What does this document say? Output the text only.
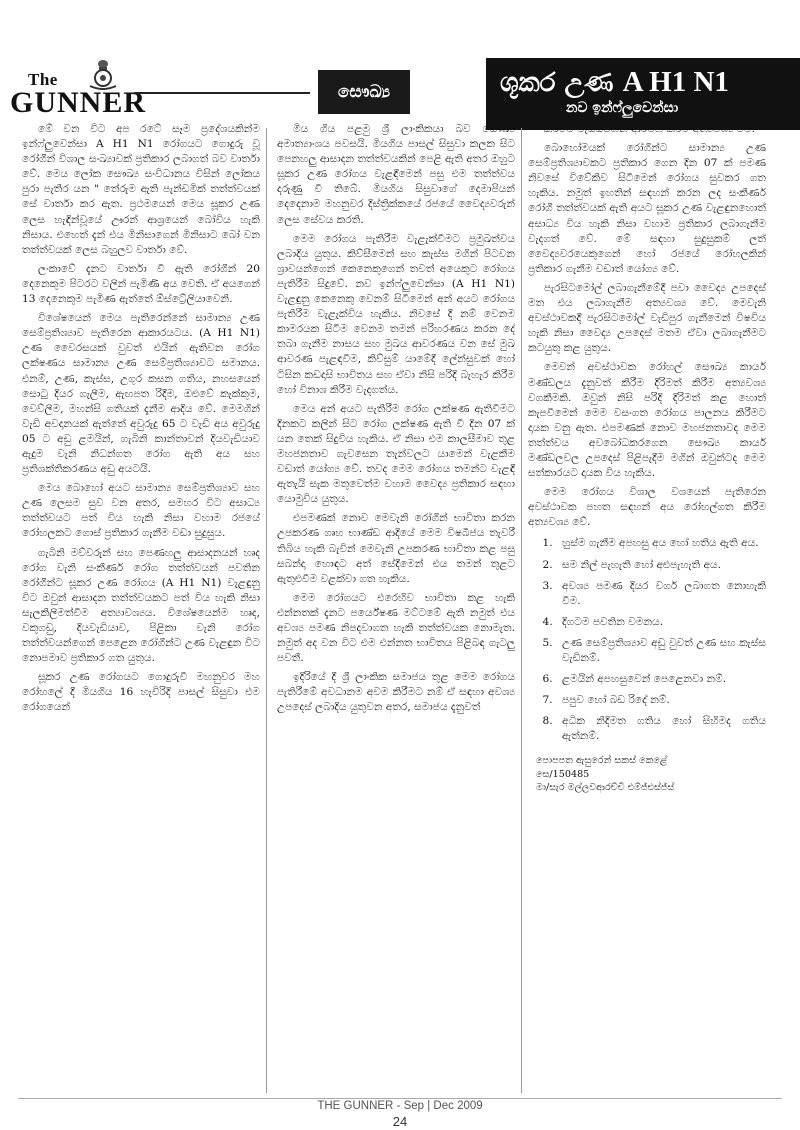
The
GUNNER	සෞඛ්‍ය	ශූකර උණ A H1 N1
නව ඉන්ෆ්ලුවෙන්සා

මේ වන විට අප රටේ සෑම ප්‍රදේශයකින්ම ඉන්ෆ්ලුවෙන්සා A H1 N1 රෝගයට ගොදුරු වූ රෝගීන් විශාල සංඛ්‍යාවක් ප්‍රතිකාර ලබාගත් බව වාර්තා වේ. මෙය ලෝක සෞඛ්‍ය සංවිධානය විසින් ලෝකය පුරා පැතිර යන " තේරුම ඇති පැන්ඩමික් තත්ත්වයක් සේ වාර්තා කර ඇත. ප්‍රථමයෙන් මෙය සූකර උණ ලෙස හැඳින්වූයේ ඌරන් ආශ්‍රයෙන් බෝවිය හැකි නිසාය. එහෙත් දැන් එය මිනිසාගෙන් මිනිසාට බෝ වන තත්ත්වයක් ලෙස බහුලව වාර්තා වේ.

ලංකාවේ දැනට වාර්තා වී ඇති රෝගීන් 20 දෙනෙකුම පිටරට වලින් පැමිණි අය වෙති. ඒ අයගෙන් 13 දෙනෙකුම පැමිණ ඇත්තේ ඕස්ට්‍රේලියාවෙනි.

විශේෂයෙන් මෙය පැතිරෙන්නේ සාමාන්‍ය උණ සෙම්ප්‍රතිශ්‍යාව පැතිරෙන ආකාරයටය. (A H1 N1) උණ වෛරසයක් වුවත් එයින් ඇතිවන රෝග ලක්ෂණය සාමාන්‍ය උණ සෙම්ප්‍රතිශ්‍යාවට සමානය. එනම්, උණ, කැස්ස, උගුර කසන ගතිය, නහසයෙන් සොටු දියර ගැලීම, ඇඟපත රිදීම, ඔළුවේ කැක්කුම, වෙව්ලීම, මහන්සි ගතියක් දැනීම ආදිය වේ. මෙමගින් වැඩි අවදානයක් ඇත්තේ අවුරුදු 65 ට වැඩි අය අවුරුදු 05 ට අඩු ළමයින්, ගැබිනි කාන්තාවන් දියවැඩියාව ඇදුම වැනි නිධන්ගත රෝග ඇති අය සහ ප්‍රතිශක්තිකරණය අඩු අයටයි.

මෙය බොහෝ අයට සාමාන්‍ය සෙම්ප්‍රතිශ්‍යාව සහ උණ ලෙසම සුව වන අතර, සමහර විට අසාධ්‍ය තත්ත්වයට පත් විය හැකි නිසා වහාම රජයේ රෝහලකට ගොස් ප්‍රතිකාර ගැනීම වඩා සුදුසුය.

ගැබිනි මව්වරුන් සහ පෙණහලු ආසාදනයන් හෘද රෝග වැනි සංකීර්ණ රෝග තත්ත්වයන් පවතින රෝගීන්ට සූකර උණ රෝගය (A H1 N1) වැළඳුනු විට ඔවුන් ආසාදන තත්ත්වයකට පත් විය හැකි නිසා සැලකිලිමත්වීම අත්‍යාවශ්‍යය. විශේෂයෙන්ම හෘද, වකුගඩු, දියවැඩියාව, පිළිකා වැනි රෝග තත්ත්වයන්ගෙන් පෙළෙන රෝගීන්ට උණ වැළඳුන විට නොපමාව ප්‍රතිකාර ගත යුතුය.

සූකර උණ රෝගයට ගොදුරුවී මහනුවර මහ රෝහලේ දී මියගිය 16 හැවිරිදි පාසල් සිසුවා එම රෝගයෙන්

මිය ගිය පළමු ශ්‍රී ලාංකිකයා බව සෞඛ්‍ය අමාත්‍යාංශය පවසයි. මියගිය පාසල් සිසුවා කලක සිට පෙනහලු ආසාදන තත්ත්වයකින් පෙළි ඇති අතර ඔහුට සූකර උණ රෝගය වැළඳීමෙන් පසු එම තත්ත්වය දරුණු වී තිබේ. මියගිය සිසුවාගේ දෙමාපියන් දෙදෙනාම මහනුවර දිස්ත්‍රික්කයේ රජයේ වෛද්‍යවරුන් ලෙස සේවය කරති.

මෙම රෝගය පැතිරීම වැළැක්වීමට ප්‍රමුඛත්වය ලබාදිය යුතුය. කිව්සීමෙන් සහ කැස්ස මගින් පිටවන ශ්‍රාවයන්ගෙන් කෙනෙකුගෙන් තවත් අයෙකුට රෝගය පැතිරීම සිදුවේ. නව ඉන්ෆ්ලුවෙන්සා (A H1 N1) වැළඳුනු කෙනෙකු වෙනම් සිටීමෙන් අන් අයට රෝගය පැතිරීම වැළැක්විය හැකිය. නිවසේ දී නම් වෙනම කාමරයක සිටීම වෙනම තමන් පරිහරණය කරන දේ තබා ගැනීම නාසය සහ මුඛය ආවරණය වන සේ මුඛ ආවරණ පැළඳවීම, කිව්සුම් යාමේදී ලේන්සුවක් හෝ ටිසින කඩදාසි භාවිතය සහ ඒවා නිසි පරිදි බැහැර කිරීම හෝ විනාශ කිරීම වැදගත්ය.

මෙය අන් අයට පැතිරීම රෝග ලක්ෂණ ඇතිවීමට දිනකට කලින් සිට රෝග ලක්ෂණ ඇති වී දින 07 ක් යන තෙක් සිදුවිය හැකිය. ඒ නිසා එම කාලසීමාව තුළ මහජනතාව ගැවසෙන තැන්වලට යාමෙන් වැළකීම වඩාත් යෝග්‍ය වේ. තවද මෙම රෝගය තමන්ට වැළඳී ඇතැයි සැක මතුවෙත්ම වහාම වෛද්‍ය ප්‍රතිකාර සඳහා යොමුවිය යුතුය.

එපමණක් නොව මෙවැනි රෝගීන් භාවිතා කරන උපකරණ ගෘහ භාණ්ඩ ආදියේ මෙම විෂබීජය තැවරී තිබිය හැකි බැවින් මෙවැනි උපකරණ භාවිතා කළ පසු සබන්දා හොඳට අත් සේදීමෙන් එය තමන් තුළට ඇතුළුවීම වළක්වා ගත හැකිය.

මෙම රෝගයට එරෙහිව භාවිතා කළ හැකි එන්නතක් දැනට පර්යේෂණ මට්ටමේ ඇති නමුත් එය අවශ්‍ය පමණ නිපදවාගත හැකි තත්ත්වයක නොමැත. නමුත් අද වන විට එම එන්නත භාවිතය පිළිබඳ ගැටලු පවතී.

ඉදිරියේ දී ශ්‍රී ලාංකික සමාජය තුළ මෙම රෝගය පැතිරීමේ අවධානම අවම කිරීමට නම් ඒ සඳහා අවශ්‍ය උපදෙස් ලබාදිය යුතුවන අතර, සමාජය දැනුවත්

කිරීමේ වැඩසටහන් ආරම්භ කිරීම අත්‍යවශ්‍ය වේ.

බොහෝමයක් රෝගීන්ට සාමාන්‍ය උණ සෙම්ප්‍රතිශ්‍යාවකට ප්‍රතිකාර ගෙන දින 07 ක් පමණ නිවසේ විවේකිව සිටීමෙන් රෝගය සුවකර ගත හැකිය. නමුත් ඉහතින් සඳහන් කරන ලද සංකීර්ණ රෝගී තත්ත්වයක් ඇති අයට සූකර උණ වැළඳුනහොත් අසාධ්‍ය විය හැකි නිසා වහාම ප්‍රතිකාර ලබාගැනීම වැදගත් වේ. මේ සඳහා සුදුසුකම් ලත් වෛද්‍යවරයෙකුගෙන් හෝ රජයේ රෝහලකින් ප්‍රතිකාර ගැනීම වඩාත් යෝග්‍ය වේ.

පැරසිටමෝල් ලබාගැනීමේදී පවා වෛද්‍ය උපදෙස් මත එය ලබාගැනීම අත්‍යවශ්‍ය වේ. මෙවැනි අවස්ථාවකදී පැරසිටමෝල් වැඩිපුර ගැනීමෙන් විෂවිය හැකි නිසා වෛද්‍ය උපදෙස් මතම ඒවා ලබාගැනීමට කටයුතු කළ යුතුය.

මෙවන් අවස්ථාවක රෝහල් සෞඛ්‍ය කාර්ය මණ්ඩලය දැනුවත් කිරීම දිරිමත් කිරීම අත්‍යවශ්‍ය වගකීමකි. ඔවුන් නිසි පරිදි දිරිමත් කළ හොත් කැපවීමෙන් මෙම වසංගත රෝගය පාලනය කිරීමට දායක වනු ඇත. එපමණක් නොව මහජනතාවද මෙම තත්ත්වය අවබෝධකරගෙන සෞඛ්‍ය කාර්ය මණ්ඩලවල උපදෙස් පිළිපැදීම මගින් ඔවුන්ටද මෙම සත්කාරයට දායක විය හැකිය.

මෙම රෝගය විශාල වශයෙන් පැතිරෙන අවස්ථාවක පහත සඳහන් අය රෝහල්ගත කිරීම අත්‍යවශ්‍ය වේ.

1. හුස්ම ගැනීම අපහසු අය හෝ හතිය ඇති අය.
2. සම නිල් පැහැති හෝ අළුපැහැති අය.
3. අවශ්‍ය පමණ දියර වර්ග ලබාගත නොහැකි වීම.
4. දිගටම පවතින වමනය.
5. උණ සෙම්ප්‍රතිශ්‍යාව අඩු වුවත් උණ සහ කැස්ස වැඩිනම්.
6. ළමයින් අපහසුවෙන් පෙළෙනවා නම්.
7. පපුව හෝ බඩ රිදේ නම්.
8. අධික නිදිමත ගතිය හෝ සිහිමද ගතිය ඇත්නම්.
පොපපත ඇසුරෙන් සකස් කෙළේ
සෙ/150485
මා/සැර මල්ලවආරච්චි එම්ජ්එස්ජ්ස්
THE GUNNER - Sep | Dec 2009
24
